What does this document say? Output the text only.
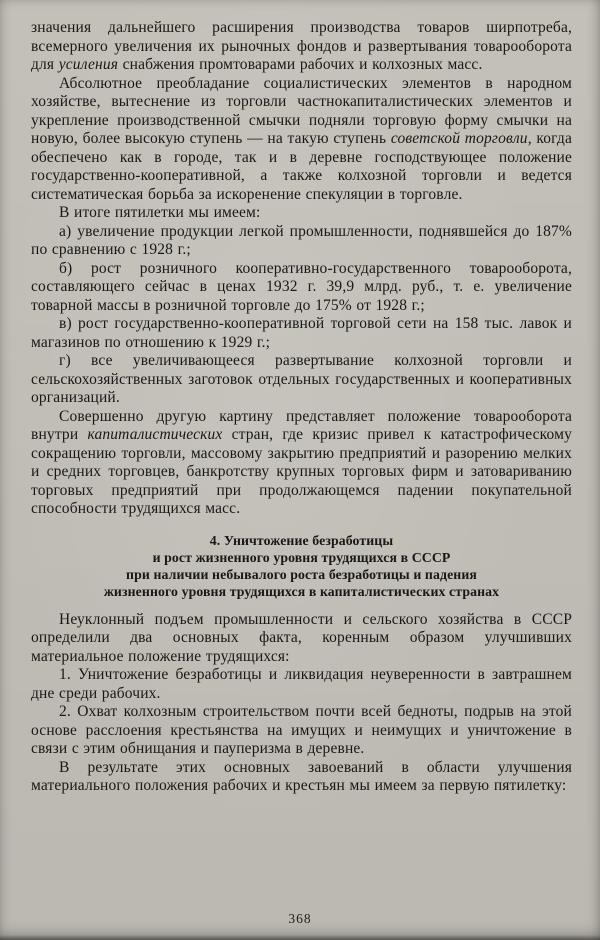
значения дальнейшего расширения производства товаров ширпотреба, всемерного увеличения их рыночных фондов и развертывания товарооборота для усиления снабжения промтоварами рабочих и колхозных масс.

Абсолютное преобладание социалистических элементов в народном хозяйстве, вытеснение из торговли частнокапиталистических элементов и укрепление производственной смычки подняли торговую форму смычки на новую, более высокую ступень — на такую ступень советской торговли, когда обеспечено как в городе, так и в деревне господствующее положение государственно-кооперативной, а также колхозной торговли и ведется систематическая борьба за искоренение спекуляции в торговле.

В итоге пятилетки мы имеем:

а) увеличение продукции легкой промышленности, поднявшейся до 187% по сравнению с 1928 г.;

б) рост розничного кооперативно-государственного товарооборота, составляющего сейчас в ценах 1932 г. 39,9 млрд. руб., т. е. увеличение товарной массы в розничной торговле до 175% от 1928 г.;

в) рост государственно-кооперативной торговой сети на 158 тыс. лавок и магазинов по отношению к 1929 г.;

г) все увеличивающееся развертывание колхозной торговли и сельскохозяйственных заготовок отдельных государственных и кооперативных организаций.

Совершенно другую картину представляет положение товарооборота внутри капиталистических стран, где кризис привел к катастрофическому сокращению торговли, массовому закрытию предприятий и разорению мелких и средних торговцев, банкротству крупных торговых фирм и затовариванию торговых предприятий при продолжающемся падении покупательной способности трудящихся масс.

4. Уничтожение безработицы
и рост жизненного уровня трудящихся в СССР
при наличии небывалого роста безработицы и падения
жизненного уровня трудящихся в капиталистических странах

Неуклонный подъем промышленности и сельского хозяйства в СССР определили два основных факта, коренным образом улучшивших материальное положение трудящихся:

1. Уничтожение безработицы и ликвидация неуверенности в завтрашнем дне среди рабочих.

2. Охват колхозным строительством почти всей бедноты, подрыв на этой основе расслоения крестьянства на имущих и неимущих и уничтожение в связи с этим обнищания и пауперизма в деревне.

В результате этих основных завоеваний в области улучшения материального положения рабочих и крестьян мы имеем за первую пятилетку:

368
